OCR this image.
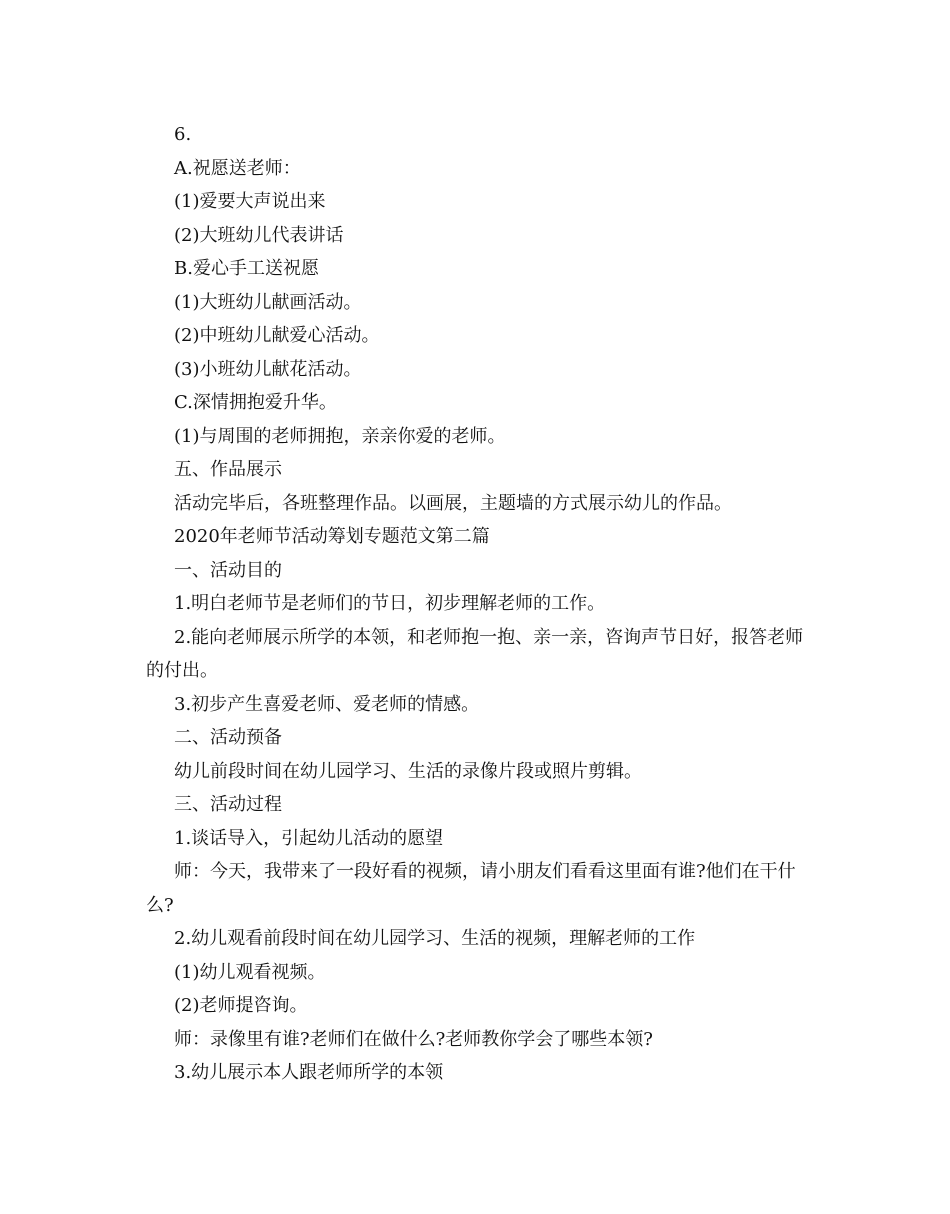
6.

A.祝愿送老师：

(1)爱要大声说出来

(2)大班幼儿代表讲话

B.爱心手工送祝愿

(1)大班幼儿献画活动。

(2)中班幼儿献爱心活动。

(3)小班幼儿献花活动。

C.深情拥抱爱升华。

(1)与周围的老师拥抱，亲亲你爱的老师。

五、作品展示

活动完毕后，各班整理作品。以画展，主题墙的方式展示幼儿的作品。

2020年老师节活动筹划专题范文第二篇

一、活动目的

1.明白老师节是老师们的节日，初步理解老师的工作。

2.能向老师展示所学的本领，和老师抱一抱、亲一亲，咨询声节日好，报答老师的付出。

3.初步产生喜爱老师、爱老师的情感。

二、活动预备

幼儿前段时间在幼儿园学习、生活的录像片段或照片剪辑。

三、活动过程

1.谈话导入，引起幼儿活动的愿望

师：今天，我带来了一段好看的视频，请小朋友们看看这里面有谁?他们在干什么?

2.幼儿观看前段时间在幼儿园学习、生活的视频，理解老师的工作

(1)幼儿观看视频。

(2)老师提咨询。

师：录像里有谁?老师们在做什么?老师教你学会了哪些本领?

3.幼儿展示本人跟老师所学的本领
